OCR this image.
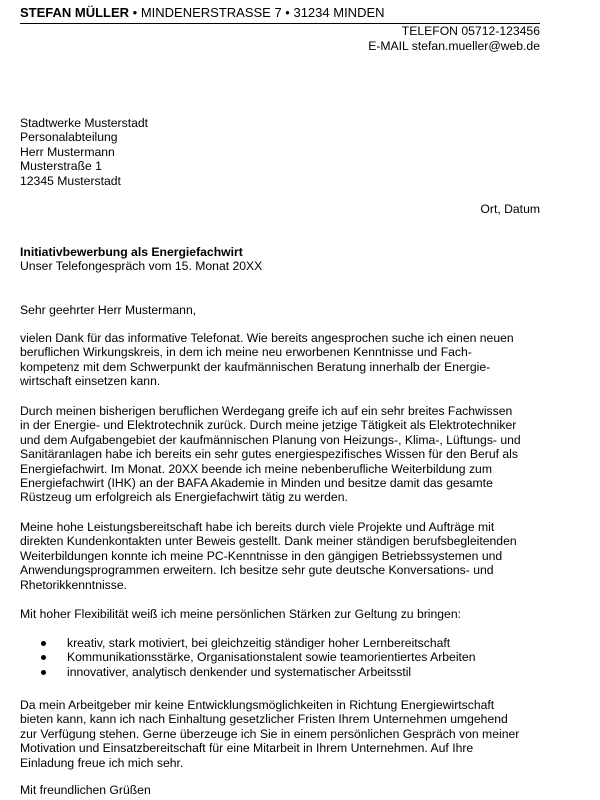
STEFAN MÜLLER • MINDENERSTRASSE 7 • 31234 MINDEN
TELEFON 05712-123456
E-MAIL stefan.mueller@web.de
Stadtwerke Musterstadt
Personalabteilung
Herr Mustermann
Musterstraße 1
12345 Musterstadt
Ort, Datum
Initiativbewerbung als Energiefachwirt
Unser Telefongespräch vom 15. Monat 20XX
Sehr geehrter Herr Mustermann,
vielen Dank für das informative Telefonat. Wie bereits angesprochen suche ich einen neuen
beruflichen Wirkungskreis, in dem ich meine neu erworbenen Kenntnisse und Fach-
kompetenz mit dem Schwerpunkt der kaufmännischen Beratung innerhalb der Energie-
wirtschaft einsetzen kann.
Durch meinen bisherigen beruflichen Werdegang greife ich auf ein sehr breites Fachwissen
in der Energie- und Elektrotechnik zurück. Durch meine jetzige Tätigkeit als Elektrotechniker
und dem Aufgabengebiet der kaufmännischen Planung von Heizungs-, Klima-, Lüftungs- und
Sanitäranlagen habe ich bereits ein sehr gutes energiespezifisches Wissen für den Beruf als
Energiefachwirt. Im Monat. 20XX beende ich meine nebenberufliche Weiterbildung zum
Energiefachwirt (IHK) an der BAFA Akademie in Minden und besitze damit das gesamte
Rüstzeug um erfolgreich als Energiefachwirt tätig zu werden.
Meine hohe Leistungsbereitschaft habe ich bereits durch viele Projekte und Aufträge mit
direkten Kundenkontakten unter Beweis gestellt. Dank meiner ständigen berufsbegleitenden
Weiterbildungen konnte ich meine PC-Kenntnisse in den gängigen Betriebssystemen und
Anwendungsprogrammen erweitern. Ich besitze sehr gute deutsche Konversations- und
Rhetorikkenntnisse.
Mit hoher Flexibilität weiß ich meine persönlichen Stärken zur Geltung zu bringen:
kreativ, stark motiviert, bei gleichzeitig ständiger hoher Lernbereitschaft
Kommunikationsstärke, Organisationstalent sowie teamorientiertes Arbeiten
innovativer, analytisch denkender und systematischer Arbeitsstil
Da mein Arbeitgeber mir keine Entwicklungsmöglichkeiten in Richtung Energiewirtschaft
bieten kann, kann ich nach Einhaltung gesetzlicher Fristen Ihrem Unternehmen umgehend
zur Verfügung stehen. Gerne überzeuge ich Sie in einem persönlichen Gespräch von meiner
Motivation und Einsatzbereitschaft für eine Mitarbeit in Ihrem Unternehmen. Auf Ihre
Einladung freue ich mich sehr.
Mit freundlichen Grüßen
